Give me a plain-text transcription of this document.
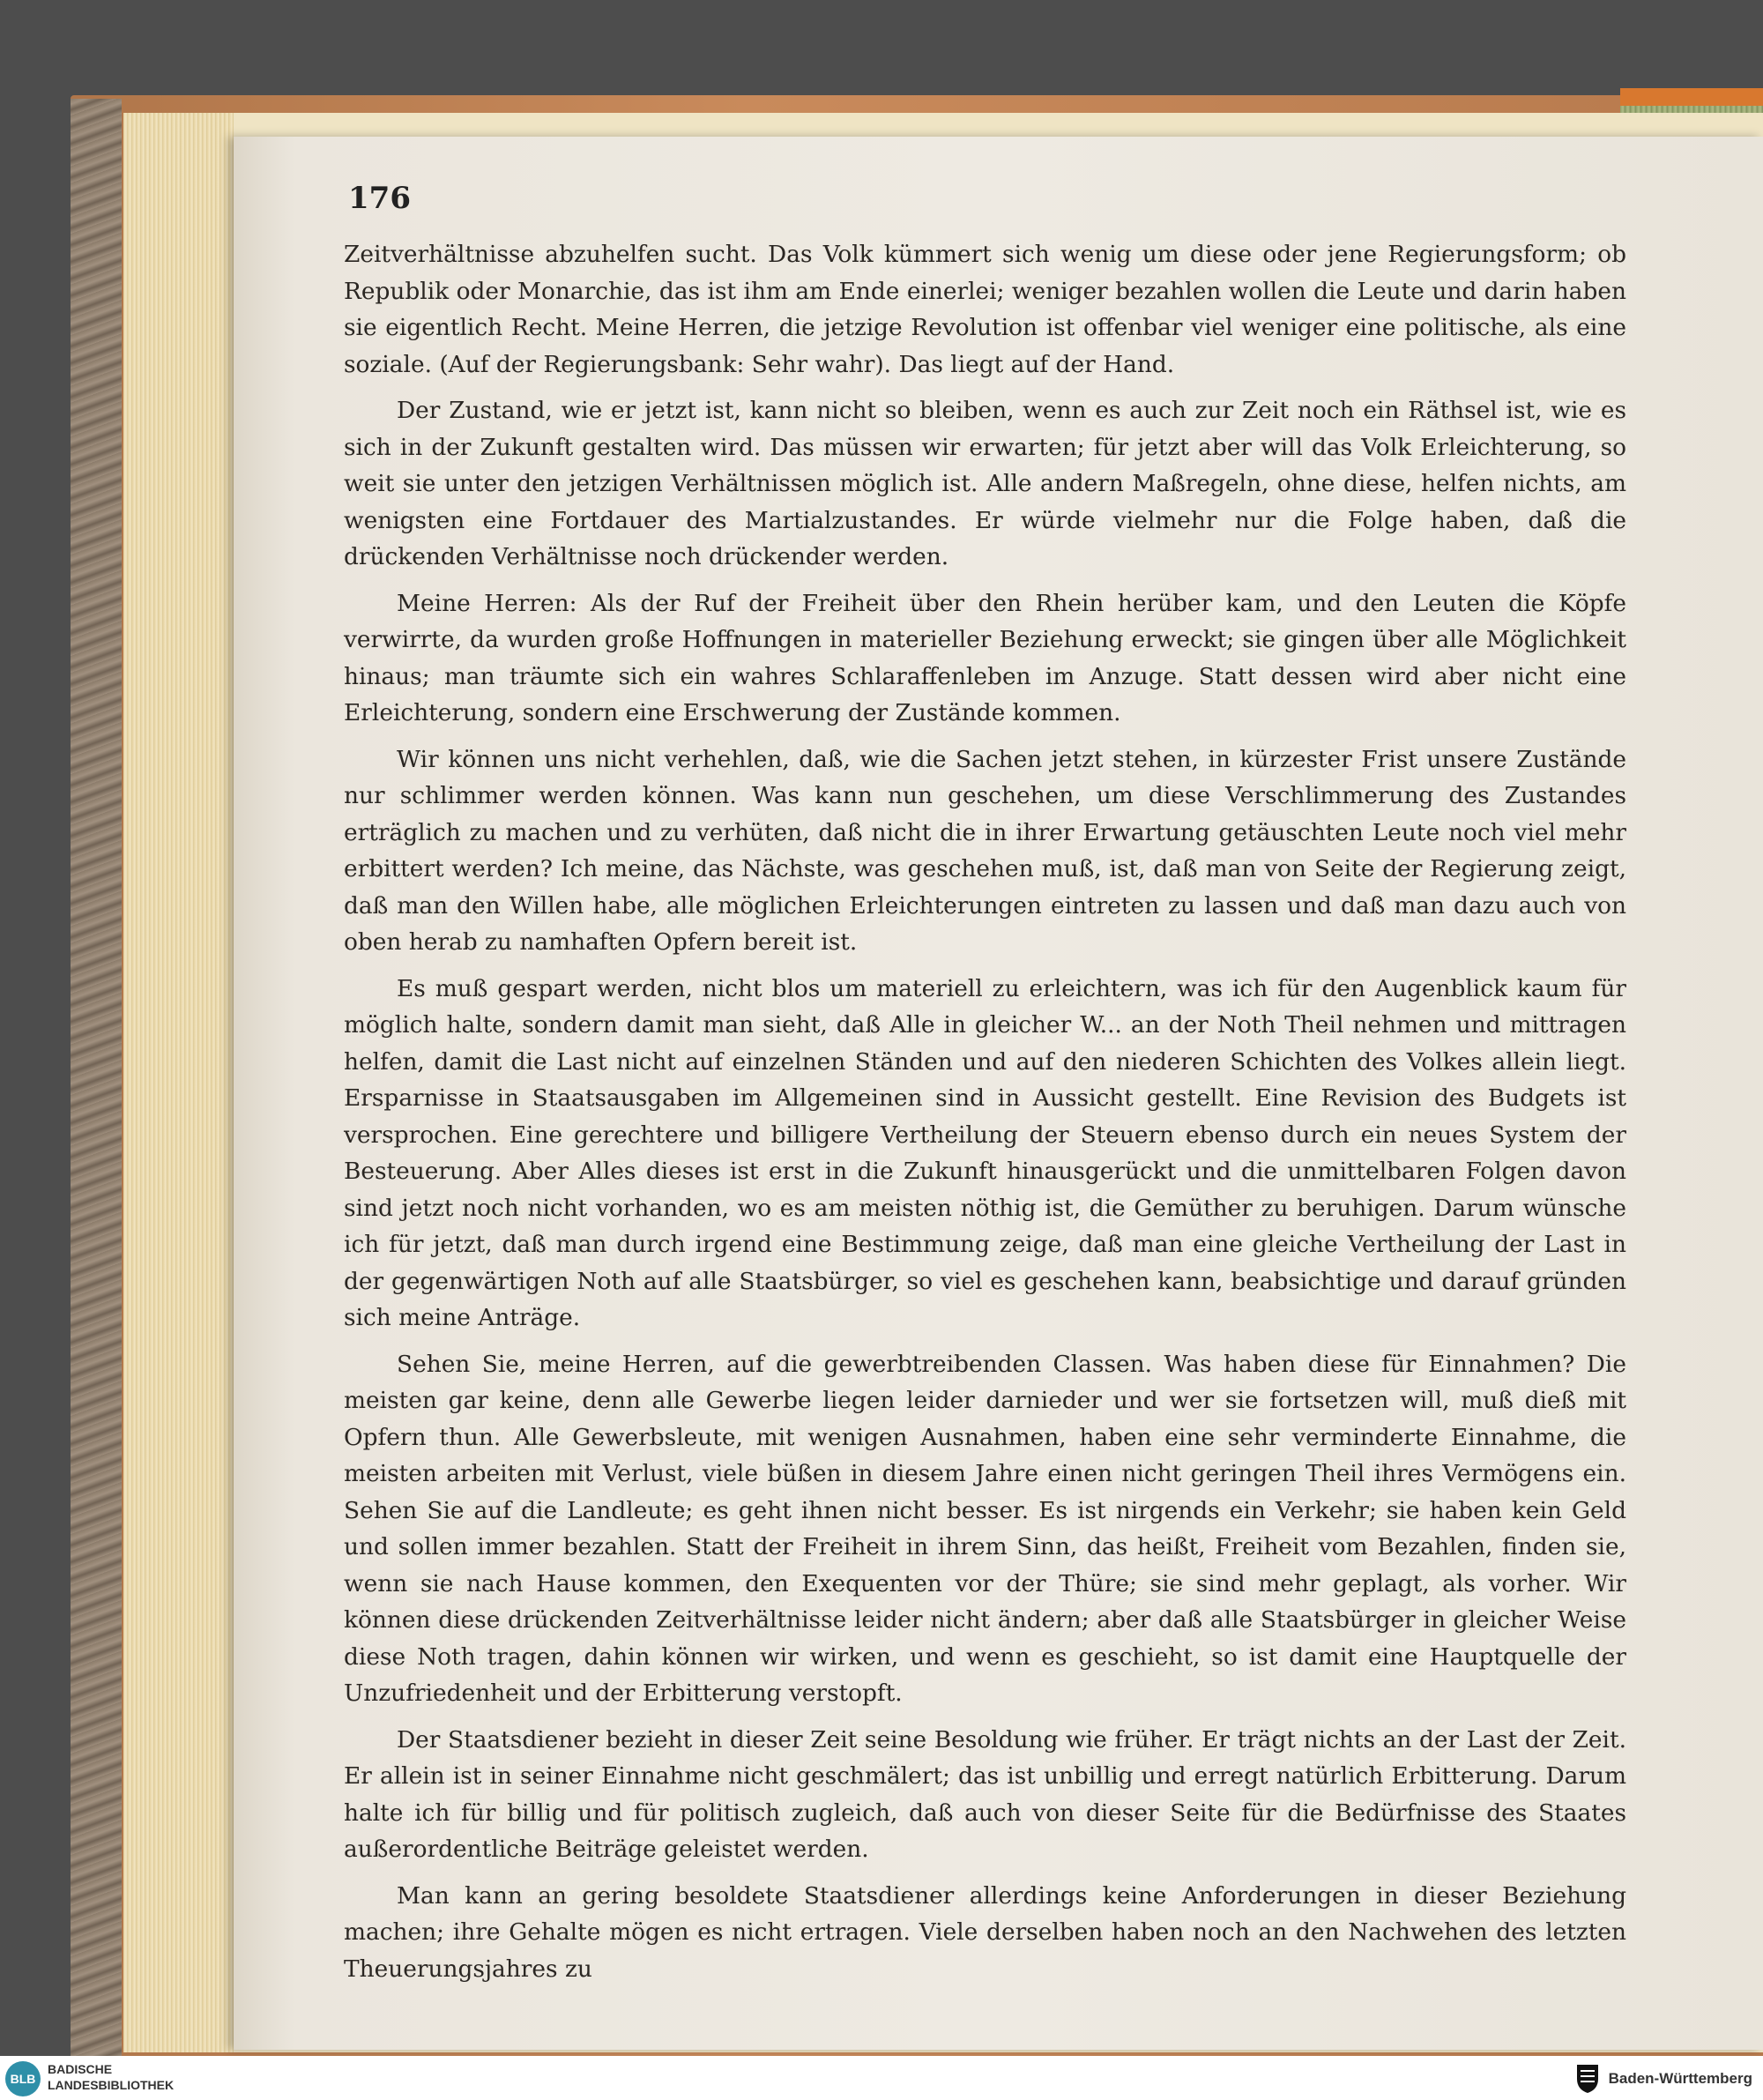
176

Zeitverhältnisse abzuhelfen sucht. Das Volk kümmert sich wenig um diese oder jene Regierungsform; ob Republik oder Monarchie, das ist ihm am Ende einerlei; weniger bezahlen wollen die Leute und darin haben sie eigentlich Recht. Meine Herren, die jetzige Revolution ist offenbar viel weniger eine politische, als eine soziale. (Auf der Regierungsbank: Sehr wahr). Das liegt auf der Hand.

Der Zustand, wie er jetzt ist, kann nicht so bleiben, wenn es auch zur Zeit noch ein Räthsel ist, wie es sich in der Zukunft gestalten wird. Das müssen wir erwarten; für jetzt aber will das Volk Erleichterung, so weit sie unter den jetzigen Verhältnissen möglich ist. Alle andern Maßregeln, ohne diese, helfen nichts, am wenigsten eine Fortdauer des Martialzustandes. Er würde vielmehr nur die Folge haben, daß die drückenden Verhältnisse noch drückender werden.

Meine Herren: Als der Ruf der Freiheit über den Rhein herüber kam, und den Leuten die Köpfe verwirrte, da wurden große Hoffnungen in materieller Beziehung erweckt; sie gingen über alle Möglichkeit hinaus; man träumte sich ein wahres Schlaraffenleben im Anzuge. Statt dessen wird aber nicht eine Erleichterung, sondern eine Erschwerung der Zustände kommen.

Wir können uns nicht verhehlen, daß, wie die Sachen jetzt stehen, in kürzester Frist unsere Zustände nur schlimmer werden können. Was kann nun geschehen, um diese Verschlimmerung des Zustandes erträglich zu machen und zu verhüten, daß nicht die in ihrer Erwartung getäuschten Leute noch viel mehr erbittert werden? Ich meine, das Nächste, was geschehen muß, ist, daß man von Seite der Regierung zeigt, daß man den Willen habe, alle möglichen Erleichterungen eintreten zu lassen und daß man dazu auch von oben herab zu namhaften Opfern bereit ist.

Es muß gespart werden, nicht blos um materiell zu erleichtern, was ich für den Augenblick kaum für möglich halte, sondern damit man sieht, daß Alle in gleicher W... an der Noth Theil nehmen und mittragen helfen, damit die Last nicht auf einzelnen Ständen und auf den niederen Schichten des Volkes allein liegt. Ersparnisse in Staatsausgaben im Allgemeinen sind in Aussicht gestellt. Eine Revision des Budgets ist versprochen. Eine gerechtere und billigere Vertheilung der Steuern ebenso durch ein neues System der Besteuerung. Aber Alles dieses ist erst in die Zukunft hinausgerückt und die unmittelbaren Folgen davon sind jetzt noch nicht vorhanden, wo es am meisten nöthig ist, die Gemüther zu beruhigen. Darum wünsche ich für jetzt, daß man durch irgend eine Bestimmung zeige, daß man eine gleiche Vertheilung der Last in der gegenwärtigen Noth auf alle Staatsbürger, so viel es geschehen kann, beabsichtige und darauf gründen sich meine Anträge.

Sehen Sie, meine Herren, auf die gewerbtreibenden Classen. Was haben diese für Einnahmen? Die meisten gar keine, denn alle Gewerbe liegen leider darnieder und wer sie fortsetzen will, muß dieß mit Opfern thun. Alle Gewerbsleute, mit wenigen Ausnahmen, haben eine sehr verminderte Einnahme, die meisten arbeiten mit Verlust, viele büßen in diesem Jahre einen nicht geringen Theil ihres Vermögens ein. Sehen Sie auf die Landleute; es geht ihnen nicht besser. Es ist nirgends ein Verkehr; sie haben kein Geld und sollen immer bezahlen. Statt der Freiheit in ihrem Sinn, das heißt, Freiheit vom Bezahlen, finden sie, wenn sie nach Hause kommen, den Exequenten vor der Thüre; sie sind mehr geplagt, als vorher. Wir können diese drückenden Zeitverhältnisse leider nicht ändern; aber daß alle Staatsbürger in gleicher Weise diese Noth tragen, dahin können wir wirken, und wenn es geschieht, so ist damit eine Hauptquelle der Unzufriedenheit und der Erbitterung verstopft.

Der Staatsdiener bezieht in dieser Zeit seine Besoldung wie früher. Er trägt nichts an der Last der Zeit. Er allein ist in seiner Einnahme nicht geschmälert; das ist unbillig und erregt natürlich Erbitterung. Darum halte ich für billig und für politisch zugleich, daß auch von dieser Seite für die Bedürfnisse des Staates außerordentliche Beiträge geleistet werden.

Man kann an gering besoldete Staatsdiener allerdings keine Anforderungen in dieser Beziehung machen; ihre Gehalte mögen es nicht ertragen. Viele derselben haben noch an den Nachwehen des letzten Theuerungsjahres zu

BLB
BADISCHE
LANDESBIBLIOTHEK	Baden-Württemberg
